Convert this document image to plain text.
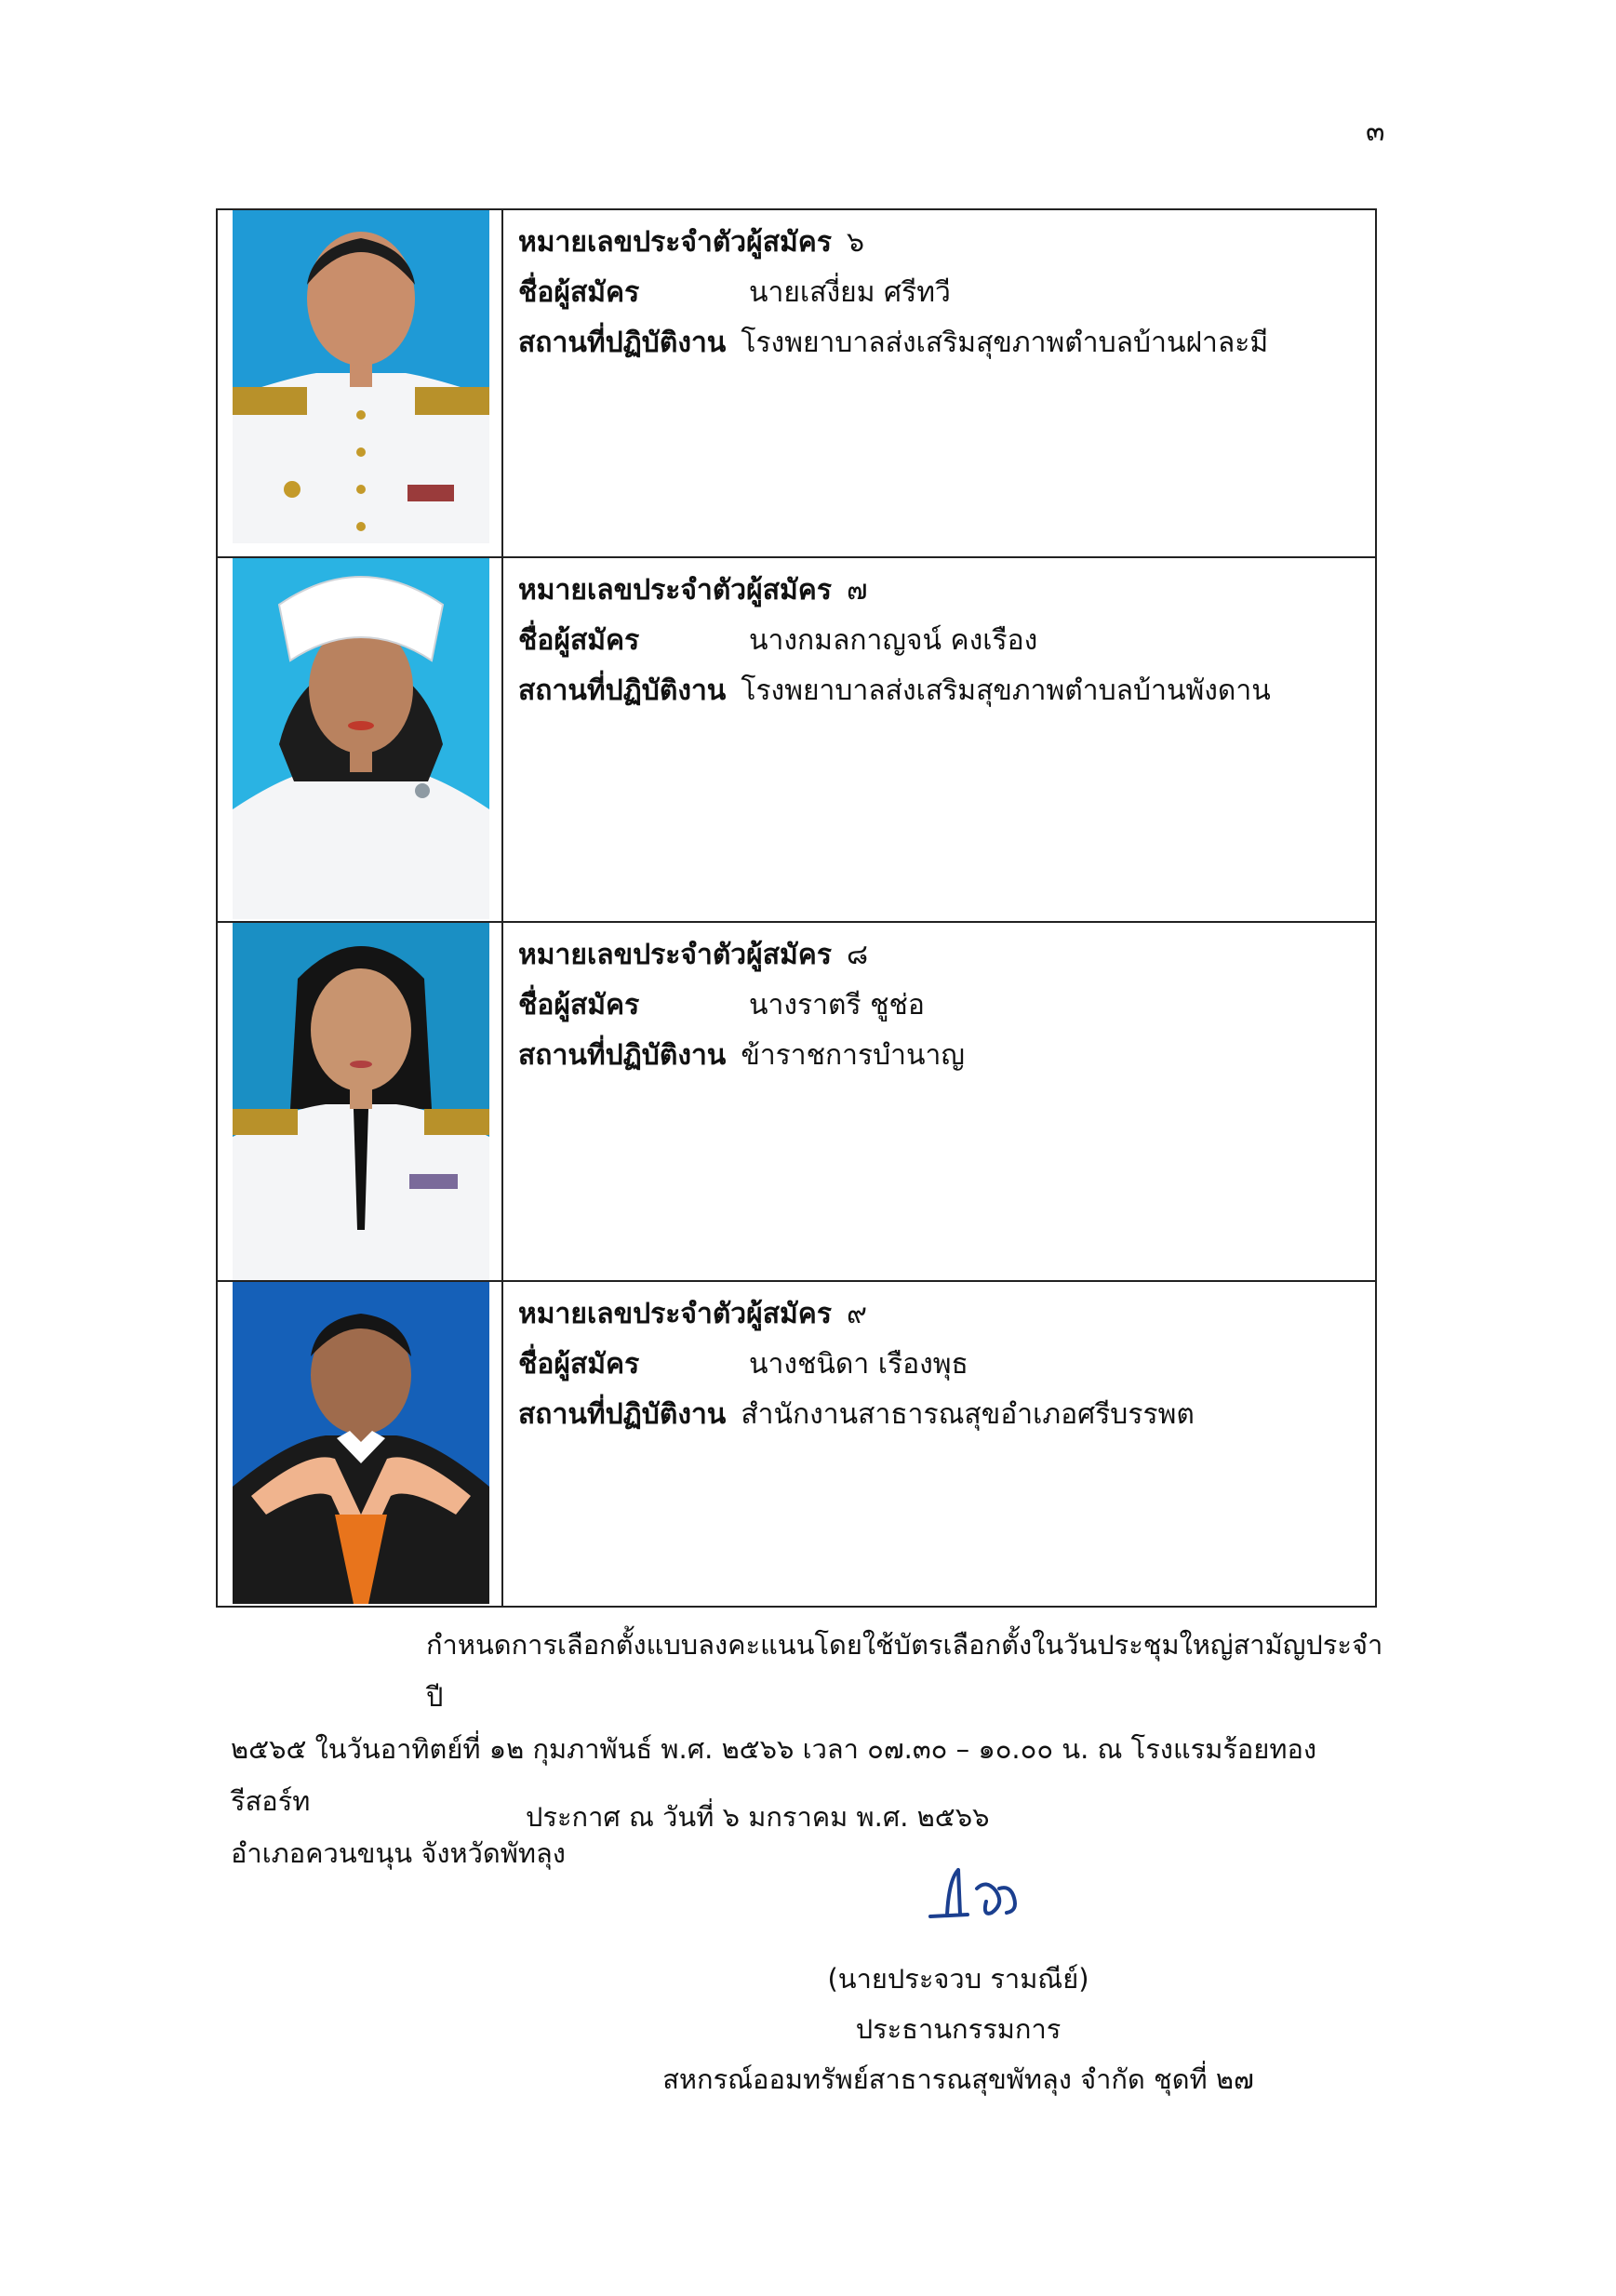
๓

หมายเลขประจำตัวผู้สมัคร ๖
ชื่อผู้สมัคร นายเสงี่ยม ศรีทวี
สถานที่ปฏิบัติงาน โรงพยาบาลส่งเสริมสุขภาพตำบลบ้านฝาละมี

หมายเลขประจำตัวผู้สมัคร ๗
ชื่อผู้สมัคร นางกมลกาญจน์ คงเรือง
สถานที่ปฏิบัติงาน โรงพยาบาลส่งเสริมสุขภาพตำบลบ้านพังดาน

หมายเลขประจำตัวผู้สมัคร ๘
ชื่อผู้สมัคร นางราตรี ชูช่อ
สถานที่ปฏิบัติงาน ข้าราชการบำนาญ

หมายเลขประจำตัวผู้สมัคร ๙
ชื่อผู้สมัคร นางชนิดา เรืองพุธ
สถานที่ปฏิบัติงาน สำนักงานสาธารณสุขอำเภอศรีบรรพต

กำหนดการเลือกตั้งแบบลงคะแนนโดยใช้บัตรเลือกตั้งในวันประชุมใหญ่สามัญประจำปี

๒๕๖๕ ในวันอาทิตย์ที่ ๑๒ กุมภาพันธ์ พ.ศ. ๒๕๖๖ เวลา ๐๗.๓๐ – ๑๐.๐๐ น. ณ โรงแรมร้อยทองรีสอร์ท

อำเภอควนขนุน จังหวัดพัทลุง

ประกาศ ณ วันที่ ๖ มกราคม พ.ศ. ๒๕๖๖
(นายประจวบ รามณีย์)
ประธานกรรมการ
สหกรณ์ออมทรัพย์สาธารณสุขพัทลุง จำกัด ชุดที่ ๒๗
